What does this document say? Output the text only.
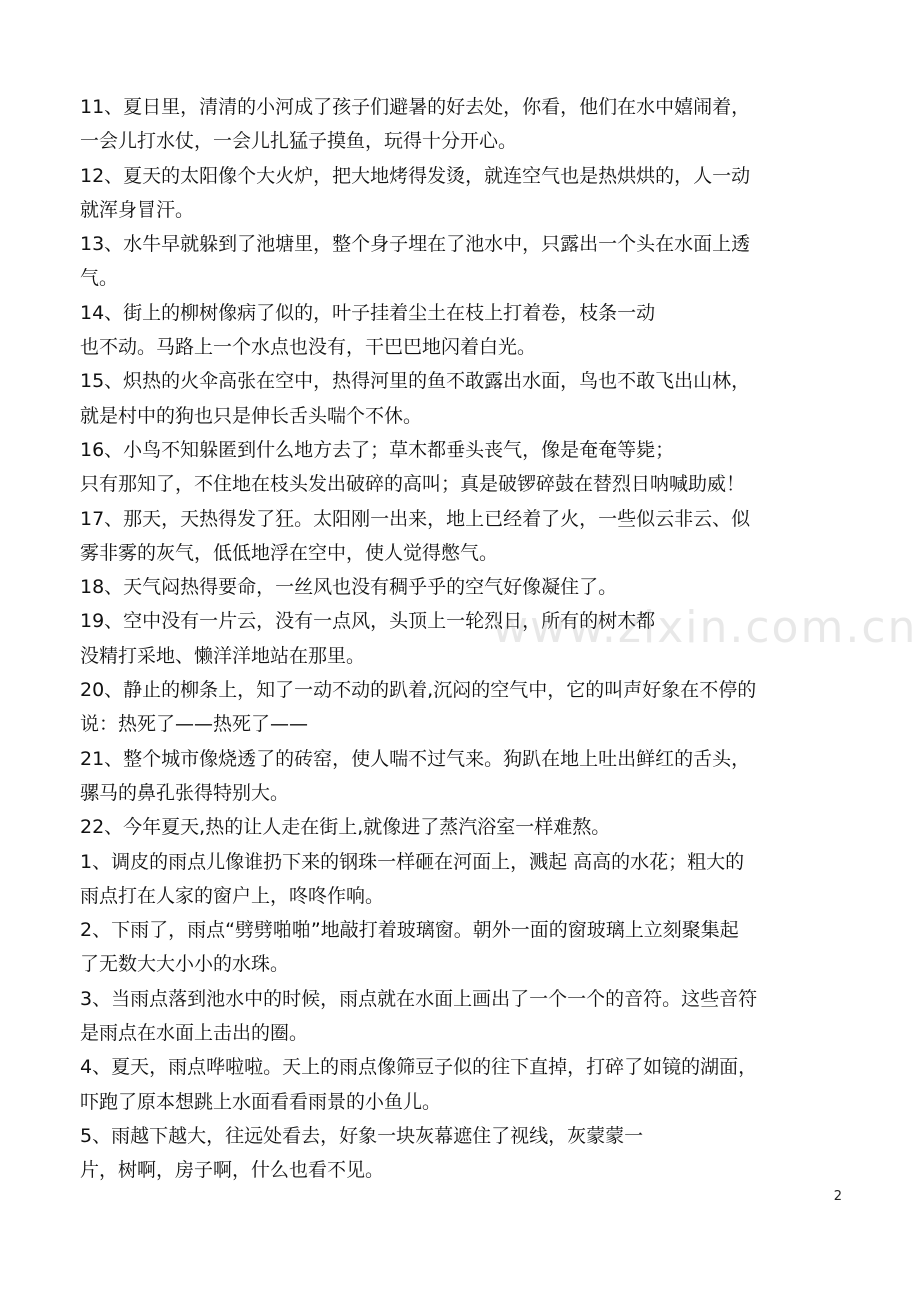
11、夏日里，清清的小河成了孩子们避暑的好去处，你看，他们在水中嬉闹着，
一会儿打水仗，一会儿扎猛子摸鱼，玩得十分开心。
12、夏天的太阳像个大火炉，把大地烤得发烫，就连空气也是热烘烘的，人一动
就浑身冒汗。
13、水牛早就躲到了池塘里，整个身子埋在了池水中，只露出一个头在水面上透
气。
14、街上的柳树像病了似的，叶子挂着尘土在枝上打着卷，枝条一动
也不动。马路上一个水点也没有，干巴巴地闪着白光。
15、炽热的火伞高张在空中，热得河里的鱼不敢露出水面，鸟也不敢飞出山林，
就是村中的狗也只是伸长舌头喘个不休。
16、小鸟不知躲匿到什么地方去了；草木都垂头丧气，像是奄奄等毙；
只有那知了，不住地在枝头发出破碎的高叫；真是破锣碎鼓在替烈日呐喊助威！
17、那天，天热得发了狂。太阳刚一出来，地上已经着了火，一些似云非云、似
雾非雾的灰气，低低地浮在空中，使人觉得憋气。
18、天气闷热得要命，一丝风也没有稠乎乎的空气好像凝住了。
19、空中没有一片云，没有一点风，头顶上一轮烈日，所有的树木都
没精打采地、懒洋洋地站在那里。
20、静止的柳条上，知了一动不动的趴着,沉闷的空气中，它的叫声好象在不停的
说：热死了——热死了——
21、整个城市像烧透了的砖窑，使人喘不过气来。狗趴在地上吐出鲜红的舌头，
骡马的鼻孔张得特别大。
22、今年夏天,热的让人走在街上,就像进了蒸汽浴室一样难熬。
1、调皮的雨点儿像谁扔下来的钢珠一样砸在河面上，溅起 高高的水花；粗大的
雨点打在人家的窗户上，咚咚作响。
2、下雨了，雨点“劈劈啪啪”地敲打着玻璃窗。朝外一面的窗玻璃上立刻聚集起
了无数大大小小的水珠。
3、当雨点落到池水中的时候，雨点就在水面上画出了一个一个的音符。这些音符
是雨点在水面上击出的圈。
4、夏天，雨点哗啦啦。天上的雨点像筛豆子似的往下直掉，打碎了如镜的湖面，
吓跑了原本想跳上水面看看雨景的小鱼儿。
5、雨越下越大，往远处看去，好象一块灰幕遮住了视线，灰蒙蒙一
片，树啊，房子啊，什么也看不见。
www.zixin.com.cn
2
